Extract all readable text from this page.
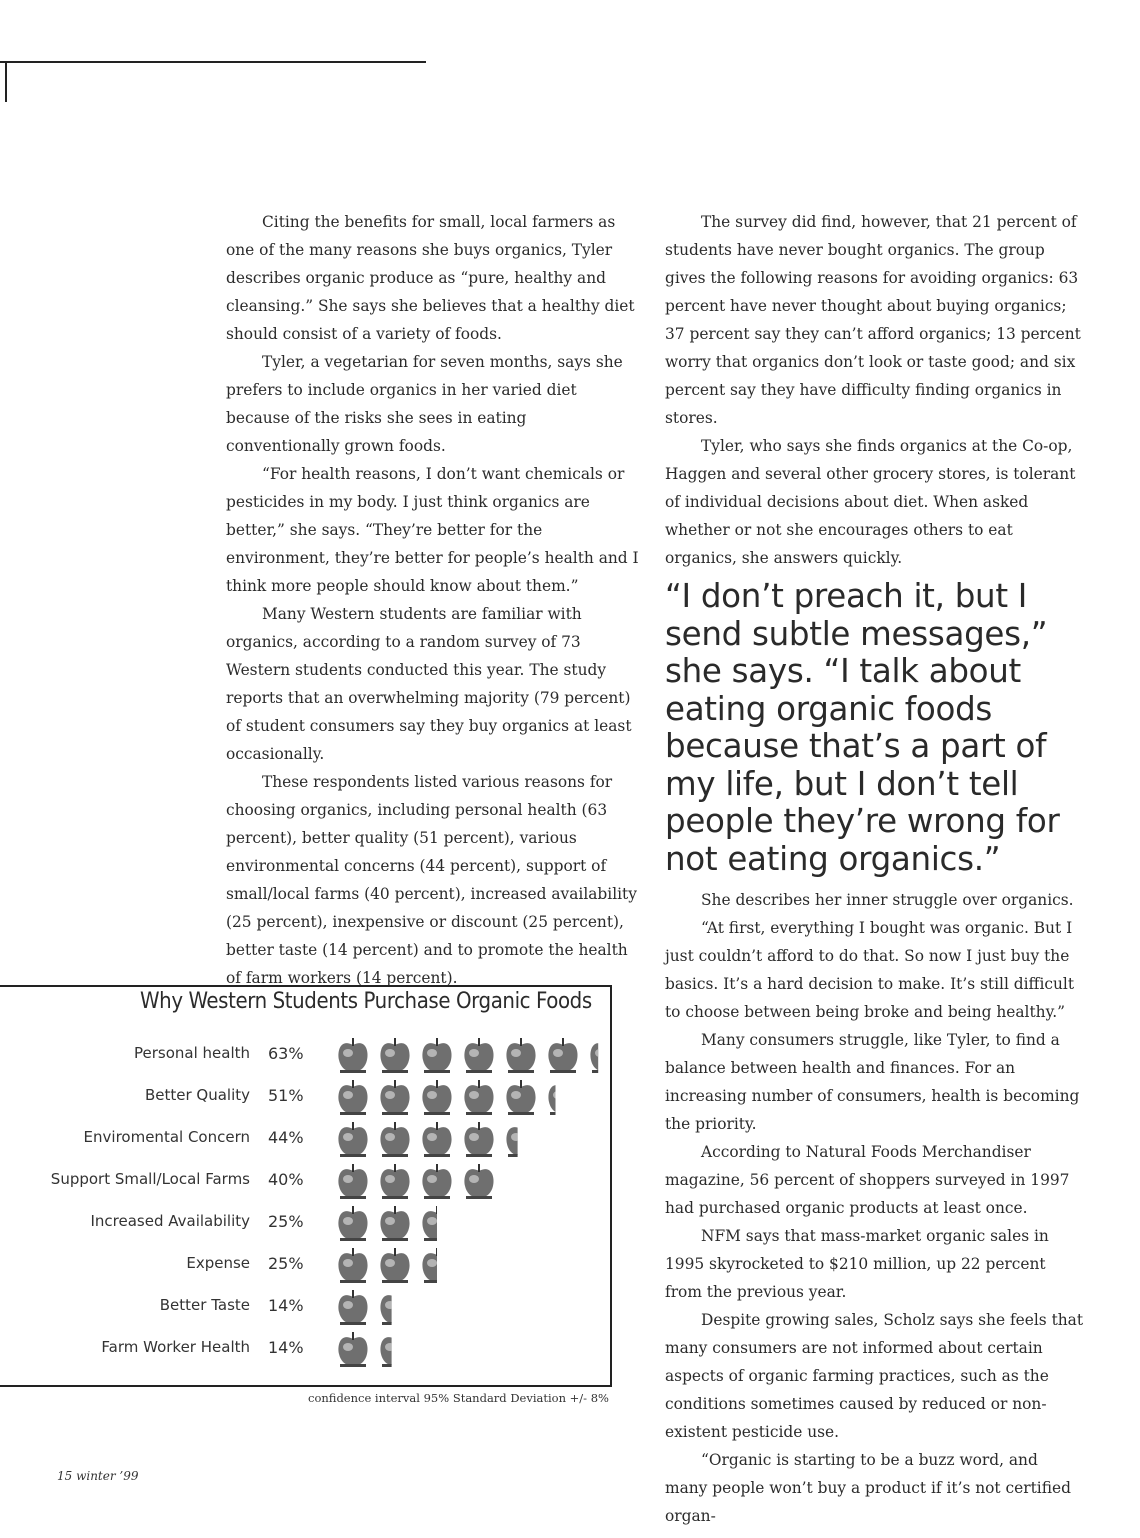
Citing the benefits for small, local farmers as one of the many reasons she buys organics, Tyler describes organic produce as “pure, healthy and cleansing.” She says she believes that a healthy diet should consist of a variety of foods.

Tyler, a vegetarian for seven months, says she prefers to include organics in her varied diet because of the risks she sees in eating conventionally grown foods.

“For health reasons, I don’t want chemicals or pesticides in my body. I just think organics are better,” she says. “They’re better for the environment, they’re better for people’s health and I think more people should know about them.”

Many Western students are familiar with organics, according to a random survey of 73 Western students conducted this year. The study reports that an overwhelming majority (79 percent) of student consumers say they buy organics at least occasionally.

These respondents listed various reasons for choosing organics, including personal health (63 percent), better quality (51 percent), various environmental concerns (44 percent), support of small/local farms (40 percent), increased availability (25 percent), inexpensive or discount (25 percent), better taste (14 percent) and to promote the health of farm workers (14 percent).

The survey did find, however, that 21 percent of students have never bought organics. The group gives the following reasons for avoiding organics: 63 percent have never thought about buying organics; 37 percent say they can’t afford organics; 13 percent worry that organics don’t look or taste good; and six percent say they have difficulty finding organics in stores.

Tyler, who says she finds organics at the Co-op, Haggen and several other grocery stores, is tolerant of individual decisions about diet. When asked whether or not she encourages others to eat organics, she answers quickly.

“I don’t preach it, but I send subtle messages,” she says. “I talk about eating organic foods because that’s a part of my life, but I don’t tell people they’re wrong for not eating organics.”

She describes her inner struggle over organics.

“At first, everything I bought was organic. But I just couldn’t afford to do that. So now I just buy the basics. It’s a hard decision to make. It’s still difficult to choose between being broke and being healthy.”

Many consumers struggle, like Tyler, to find a balance between health and finances. For an increasing number of consumers, health is becoming the priority.

According to Natural Foods Merchandiser magazine, 56 percent of shoppers surveyed in 1997 had purchased organic products at least once.

NFM says that mass-market organic sales in 1995 skyrocketed to $210 million, up 22 percent from the previous year.

Despite growing sales, Scholz says she feels that many consumers are not informed about certain aspects of organic farming practices, such as the conditions sometimes caused by reduced or non-existent pesticide use.

“Organic is starting to be a buzz word, and many people won’t buy a product if it’s not certified organ-

Why Western Students Purchase Organic Foods
Personal health 63%
Better Quality 51%
Enviromental Concern 44%
Support Small/Local Farms 40%
Increased Availability 25%
Expense 25%
Better Taste 14%
Farm Worker Health 14%
confidence interval 95% Standard Deviation +/- 8%
15 winter ’99
